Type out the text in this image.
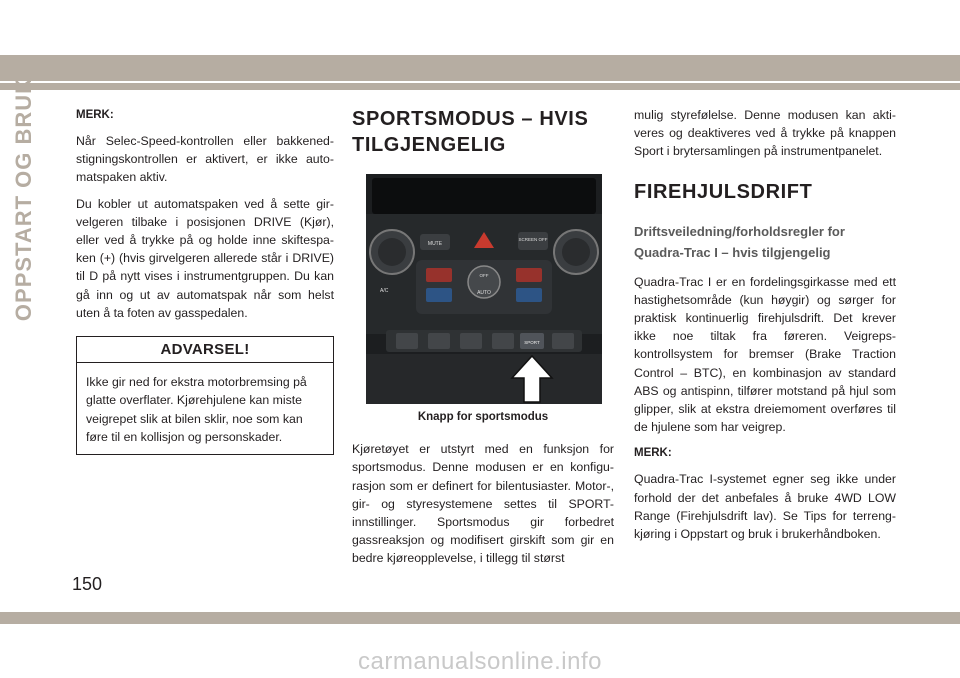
OPPSTART OG BRUK	MERK:

Når Selec-Speed-kontrollen eller bakkenedstigningskontrollen er aktivert, er ikke automatspaken aktiv.

Du kobler ut automatspaken ved å sette girvelgeren tilbake i posisjonen DRIVE (Kjør), eller ved å trykke på og holde inne skiftespaken (+) (hvis girvelgeren allerede står i DRIVE) til D på nytt vises i instrumentgruppen. Du kan gå inn og ut av automatspak når som helst uten å ta foten av gasspedalen.

ADVARSEL!
Ikke gir ned for ekstra motorbremsing på glatte overflater. Kjørehjulene kan miste veigrepet slik at bilen sklir, noe som kan føre til en kollisjon og personskader.
SPORTSMODUS – HVIS
TILGJENGELIG
MUTE
SCREEN OFF
OFF
AUTO
A/C
SPORT
Knapp for sportsmodus

Kjøretøyet er utstyrt med en funksjon for sportsmodus. Denne modusen er en konfigurasjon som er definert for bilentusiaster. Motor-, gir- og styresystemene settes til SPORT-innstillinger. Sportsmodus gir forbedret gassreaksjon og modifisert girskift som gir en bedre kjøreopplevelse, i tillegg til størst

mulig styrefølelse. Denne modusen kan aktiveres og deaktiveres ved å trykke på knappen Sport i brytersamlingen på instrumentpanelet.

FIREHJULSDRIFT
Driftsveiledning/forholdsregler for Quadra-Trac I – hvis tilgjengelig

Quadra-Trac I er en fordelingsgirkasse med ett hastighetsområde (kun høygir) og sørger for praktisk kontinuerlig firehjulsdrift. Det krever ikke noe tiltak fra føreren. Veigrepskontrollsystem for bremser (Brake Traction Control – BTC), en kombinasjon av standard ABS og antispinn, tilfører motstand på hjul som glipper, slik at ekstra dreiemoment overføres til de hjulene som har veigrep.

MERK:

Quadra-Trac I-systemet egner seg ikke under forhold der det anbefales å bruke 4WD LOW Range (Firehjulsdrift lav). Se Tips for terrengkjøring i Oppstart og bruk i brukerhåndboken.

150
carmanualsonline.info
